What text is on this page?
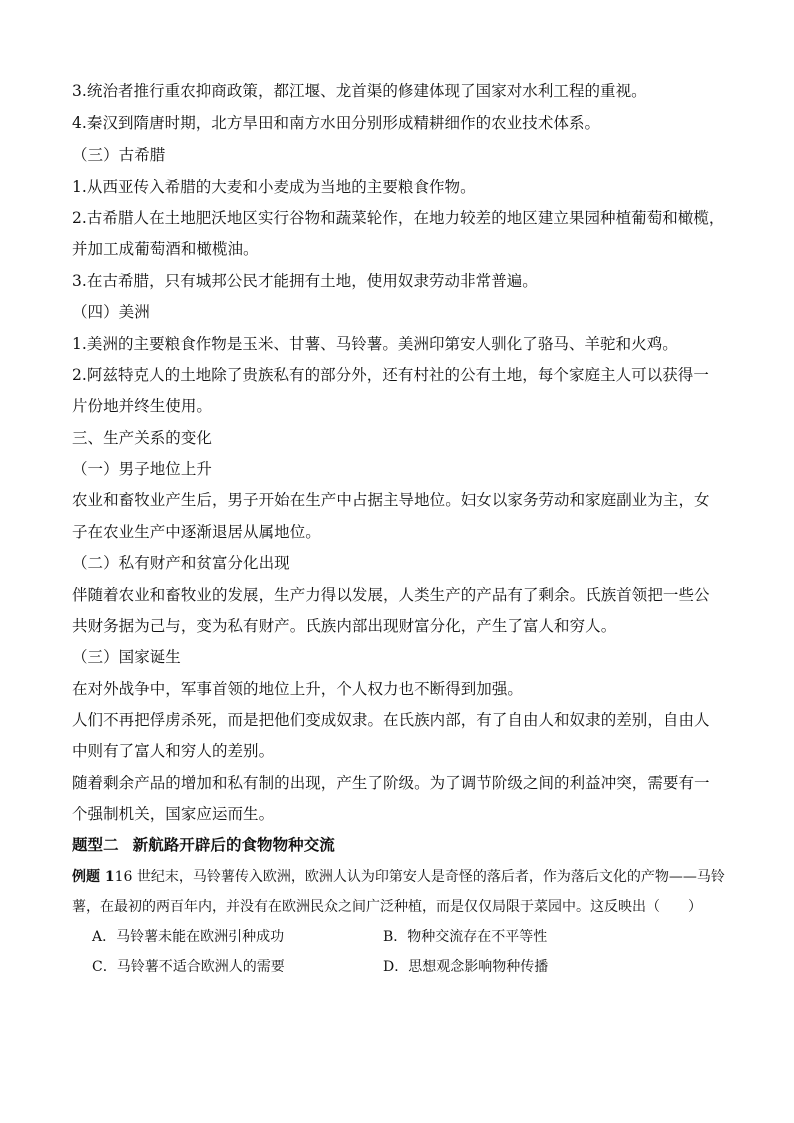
3.统治者推行重农抑商政策，都江堰、龙首渠的修建体现了国家对水利工程的重视。
4.秦汉到隋唐时期，北方旱田和南方水田分别形成精耕细作的农业技术体系。
（三）古希腊
1.从西亚传入希腊的大麦和小麦成为当地的主要粮食作物。
2.古希腊人在土地肥沃地区实行谷物和蔬菜轮作，在地力较差的地区建立果园种植葡萄和橄榄，
并加工成葡萄酒和橄榄油。
3.在古希腊，只有城邦公民才能拥有土地，使用奴隶劳动非常普遍。
（四）美洲
1.美洲的主要粮食作物是玉米、甘薯、马铃薯。美洲印第安人驯化了骆马、羊驼和火鸡。
2.阿兹特克人的土地除了贵族私有的部分外，还有村社的公有土地，每个家庭主人可以获得一
片份地并终生使用。
三、生产关系的变化
（一）男子地位上升
农业和畜牧业产生后，男子开始在生产中占据主导地位。妇女以家务劳动和家庭副业为主，女
子在农业生产中逐渐退居从属地位。
（二）私有财产和贫富分化出现
伴随着农业和畜牧业的发展，生产力得以发展，人类生产的产品有了剩余。氏族首领把一些公
共财务据为己与，变为私有财产。氏族内部出现财富分化，产生了富人和穷人。
（三）国家诞生
在对外战争中，军事首领的地位上升，个人权力也不断得到加强。
人们不再把俘虏杀死，而是把他们变成奴隶。在氏族内部，有了自由人和奴隶的差别，自由人
中则有了富人和穷人的差别。
随着剩余产品的增加和私有制的出现，产生了阶级。为了调节阶级之间的利益冲突，需要有一
个强制机关，国家应运而生。
题型二 新航路开辟后的食物物种交流
例题 116 世纪末，马铃薯传入欧洲，欧洲人认为印第安人是奇怪的落后者，作为落后文化的产物——马铃
薯，在最初的两百年内，并没有在欧洲民众之间广泛种植，而是仅仅局限于菜园中。这反映出（　　）
A．马铃薯未能在欧洲引种成功	B．物种交流存在不平等性
C．马铃薯不适合欧洲人的需要	D．思想观念影响物种传播
